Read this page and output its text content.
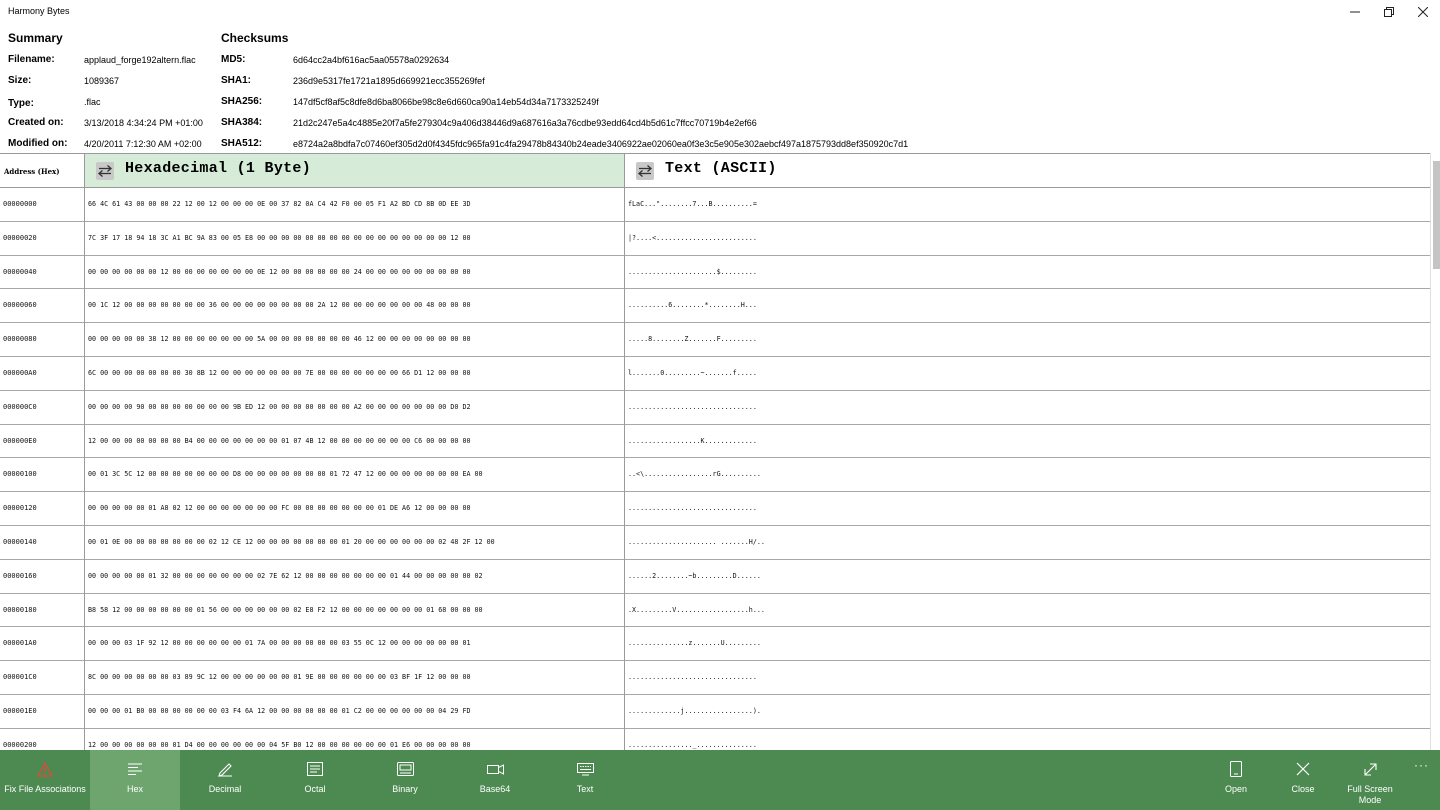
Harmony Bytes
Summary	Checksums
Filename:	applaud_forge192altern.flac
Size:	1089367
Type:	.flac
Created on: 3/13/2018 4:34:24 PM +01:00
Modified on: 4/20/2011 7:12:30 AM +02:00
MD5:	6d64cc2a4bf616ac5aa05578a0292634
SHA1:	236d9e5317fe1721a1895d669921ecc355269fef
SHA256:	147df5cf8af5c8dfe8d6ba8066be98c8e6d660ca90a14eb54d34a7173325249f
SHA384:	21d2c247e5a4c4885e20f7a5fe279304c9a406d38446d9a687616a3a76cdbe93edd64cd4b5d61c7ffcc70719b4e2ef66
SHA512:	e8724a2a8bdfa7c07460ef305d2d0f4345fdc965fa91c4fa29478b84340b24eade3406922ae02060ea0f3e3c5e905e302aebcf497a1875793dd8ef350920c7d1
Address (Hex)	Hexadecimal (1 Byte)	Text (ASCII)
00000000	66 4C 61 43 00 00 00 22 12 00 12 00 00 00 0E 00 37 82 0A C4 42 F0 00 05 F1 A2 BD CD 8B 0D EE 3D	fLaC..."........7...B..........=
00000020	7C 3F 17 18 94 18 3C A1 BC 9A 83 00 05 E8 00 00 00 00 00 00 00 00 00 00 00 00 00 00 00 00 12 00	|?....<.........................
00000040	00 00 00 00 00 00 12 00 00 00 00 00 00 00 0E 12 00 00 00 00 00 00 24 00 00 00 00 00 00 00 00 00	......................$.........
00000060	00 1C 12 00 00 00 00 00 00 00 36 00 00 00 00 00 00 00 00 2A 12 00 00 00 00 00 00 00 48 00 00 00	..........6........*........H...
00000080	00 00 00 00 00 38 12 00 00 00 00 00 00 00 5A 00 00 00 00 00 00 00 46 12 00 00 00 00 00 00 00 00	.....8........Z.......F.........
000000A0	6C 00 00 00 00 00 00 00 30 8B 12 00 00 00 00 00 00 00 7E 00 00 00 00 00 00 00 66 D1 12 00 00 00	l.......0.........~.......f.....
000000C0	00 00 00 00 90 00 00 00 00 00 00 00 9B ED 12 00 00 00 00 00 00 00 A2 00 00 00 00 00 00 00 D0 D2	................................
000000E0	12 00 00 00 00 00 00 00 B4 00 00 00 00 00 00 00 01 07 4B 12 00 00 00 00 00 00 00 C6 00 00 00 00	..................K.............
00000100	00 01 3C 5C 12 00 00 00 00 00 00 00 D8 00 00 00 00 00 00 00 01 72 47 12 00 00 00 00 00 00 00 EA 00	..<\.................rG..........
00000120	00 00 00 00 00 01 A8 02 12 00 00 00 00 00 00 00 FC 00 00 00 00 00 00 00 01 DE A6 12 00 00 00 00	................................
00000140	00 01 0E 00 00 00 00 00 00 00 02 12 CE 12 00 00 00 00 00 00 00 01 20 00 00 00 00 00 00 02 48 2F 12 00	...................... .......H/..
00000160	00 00 00 00 00 01 32 00 00 00 00 00 00 00 02 7E 62 12 00 00 00 00 00 00 00 01 44 00 00 00 00 00 02	......2........~b.........D......
00000180	B8 58 12 00 00 00 00 00 00 01 56 00 00 00 00 00 00 02 E8 F2 12 00 00 00 00 00 00 00 01 68 00 00 00	.X.........V..................h...
000001A0	00 00 00 03 1F 92 12 00 00 00 00 00 00 01 7A 00 00 00 00 00 00 03 55 0C 12 00 00 00 00 00 00 01	...............z.......U.........
000001C0	8C 00 00 00 00 00 00 03 89 9C 12 00 00 00 00 00 00 01 9E 00 00 00 00 00 00 03 BF 1F 12 00 00 00	................................
000001E0	00 00 00 01 B0 00 00 00 00 00 00 03 F4 6A 12 00 00 00 00 00 00 01 C2 00 00 00 00 00 00 04 29 FD	.............j.................).
00000200	12 00 00 00 00 00 00 01 D4 00 00 00 00 00 00 04 5F B0 12 00 00 00 00 00 00 01 E6 00 00 00 00 00	................_...............
Fix File Associations	Hex	Decimal	Octal	Binary	Base64	Text	Open	Close	Full Screen Mode
···
